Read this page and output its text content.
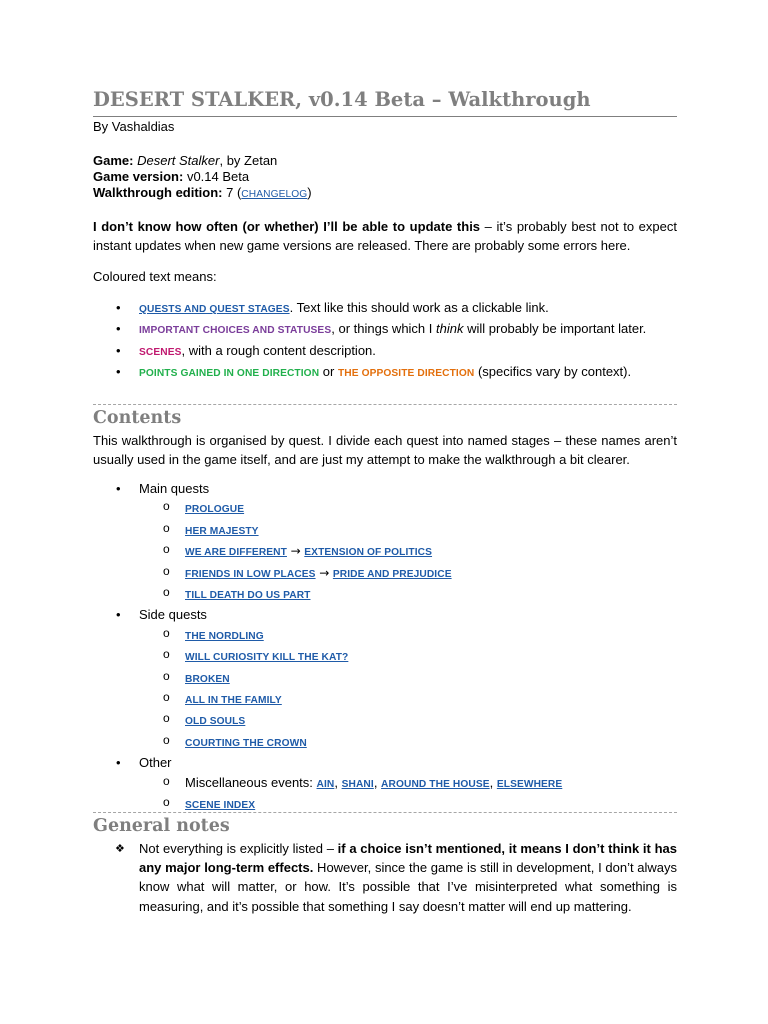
DESERT STALKER, v0.14 Beta – Walkthrough

By Vashaldias

Game: Desert Stalker, by Zetan
Game version: v0.14 Beta
Walkthrough edition: 7 (CHANGELOG)

I don’t know how often (or whether) I’ll be able to update this – it’s probably best not to expect instant updates when new game versions are released. There are probably some errors here.

Coloured text means:

• QUESTS AND QUEST STAGES. Text like this should work as a clickable link.
• IMPORTANT CHOICES AND STATUSES, or things which I think will probably be important later.
• SCENES, with a rough content description.
• POINTS GAINED IN ONE DIRECTION or THE OPPOSITE DIRECTION (specifics vary by context).
Contents

This walkthrough is organised by quest. I divide each quest into named stages – these names aren’t usually used in the game itself, and are just my attempt to make the walkthrough a bit clearer.

• Main quests
o PROLOGUE
o HER MAJESTY
o WE ARE DIFFERENT → EXTENSION OF POLITICS
o FRIENDS IN LOW PLACES → PRIDE AND PREJUDICE
o TILL DEATH DO US PART
• Side quests
o THE NORDLING
o WILL CURIOSITY KILL THE KAT?
o BROKEN
o ALL IN THE FAMILY
o OLD SOULS
o COURTING THE CROWN
• Other
o Miscellaneous events: AIN, SHANI, AROUND THE HOUSE, ELSEWHERE
o SCENE INDEX
General notes
❖ Not everything is explicitly listed – if a choice isn’t mentioned, it means I don’t think it has any major long-term effects. However, since the game is still in development, I don’t always know what will matter, or how. It’s possible that I’ve misinterpreted what something is measuring, and it’s possible that something I say doesn’t matter will end up mattering.
